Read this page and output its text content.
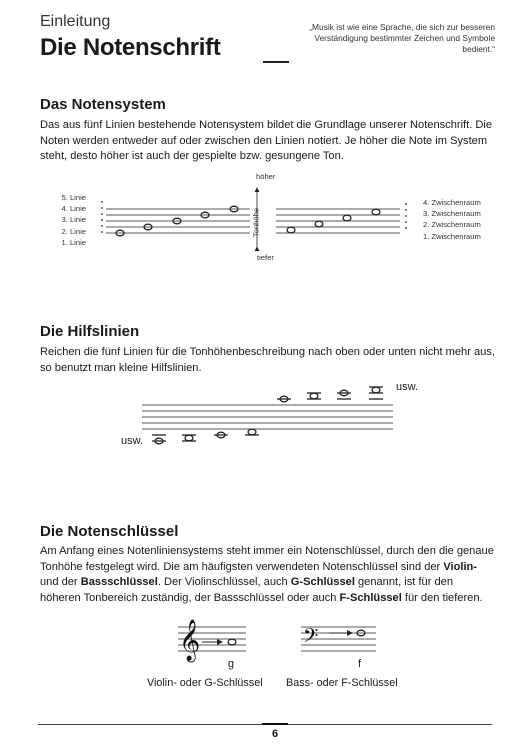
Einleitung
Die Notenschrift
„Musik ist wie eine Sprache, die sich zur besseren Verständigung bestimmter Zeichen und Symbole bedient.“
Das Notensystem
Das aus fünf Linien bestehende Notensystem bildet die Grundlage unserer Notenschrift. Die Noten werden entweder auf oder zwischen den Linien notiert. Je höher die Note im System steht, desto höher ist auch der gespielte bzw. gesungene Ton.
5. Linie
4. Linie
3. Linie
2. Linie
1. Linie
4. Zwischenraum
3. Zwischenraum
2. Zwischenraum
1. Zwischenraum
höher
tiefer
Tonhöhe
Die Hilfslinien
Reichen die fünf Linien für die Tonhöhenbeschreibung nach oben oder unten nicht mehr aus, so benutzt man kleine Hilfslinien.
usw.
usw.
Die Notenschlüssel
Am Anfang eines Notenliniensystems steht immer ein Notenschlüssel, durch den die genaue Tonhöhe festgelegt wird. Die am häufigsten verwendeten Notenschlüssel sind der Violin- und der Bassschlüssel. Der Violinschlüssel, auch G-Schlüssel genannt, ist für den höheren Tonbereich zuständig, der Bassschlüssel oder auch F-Schlüssel für den tieferen.
g	f
Violin- oder G-Schlüssel Bass- oder F-Schlüssel
6
𝄞	𝄢
